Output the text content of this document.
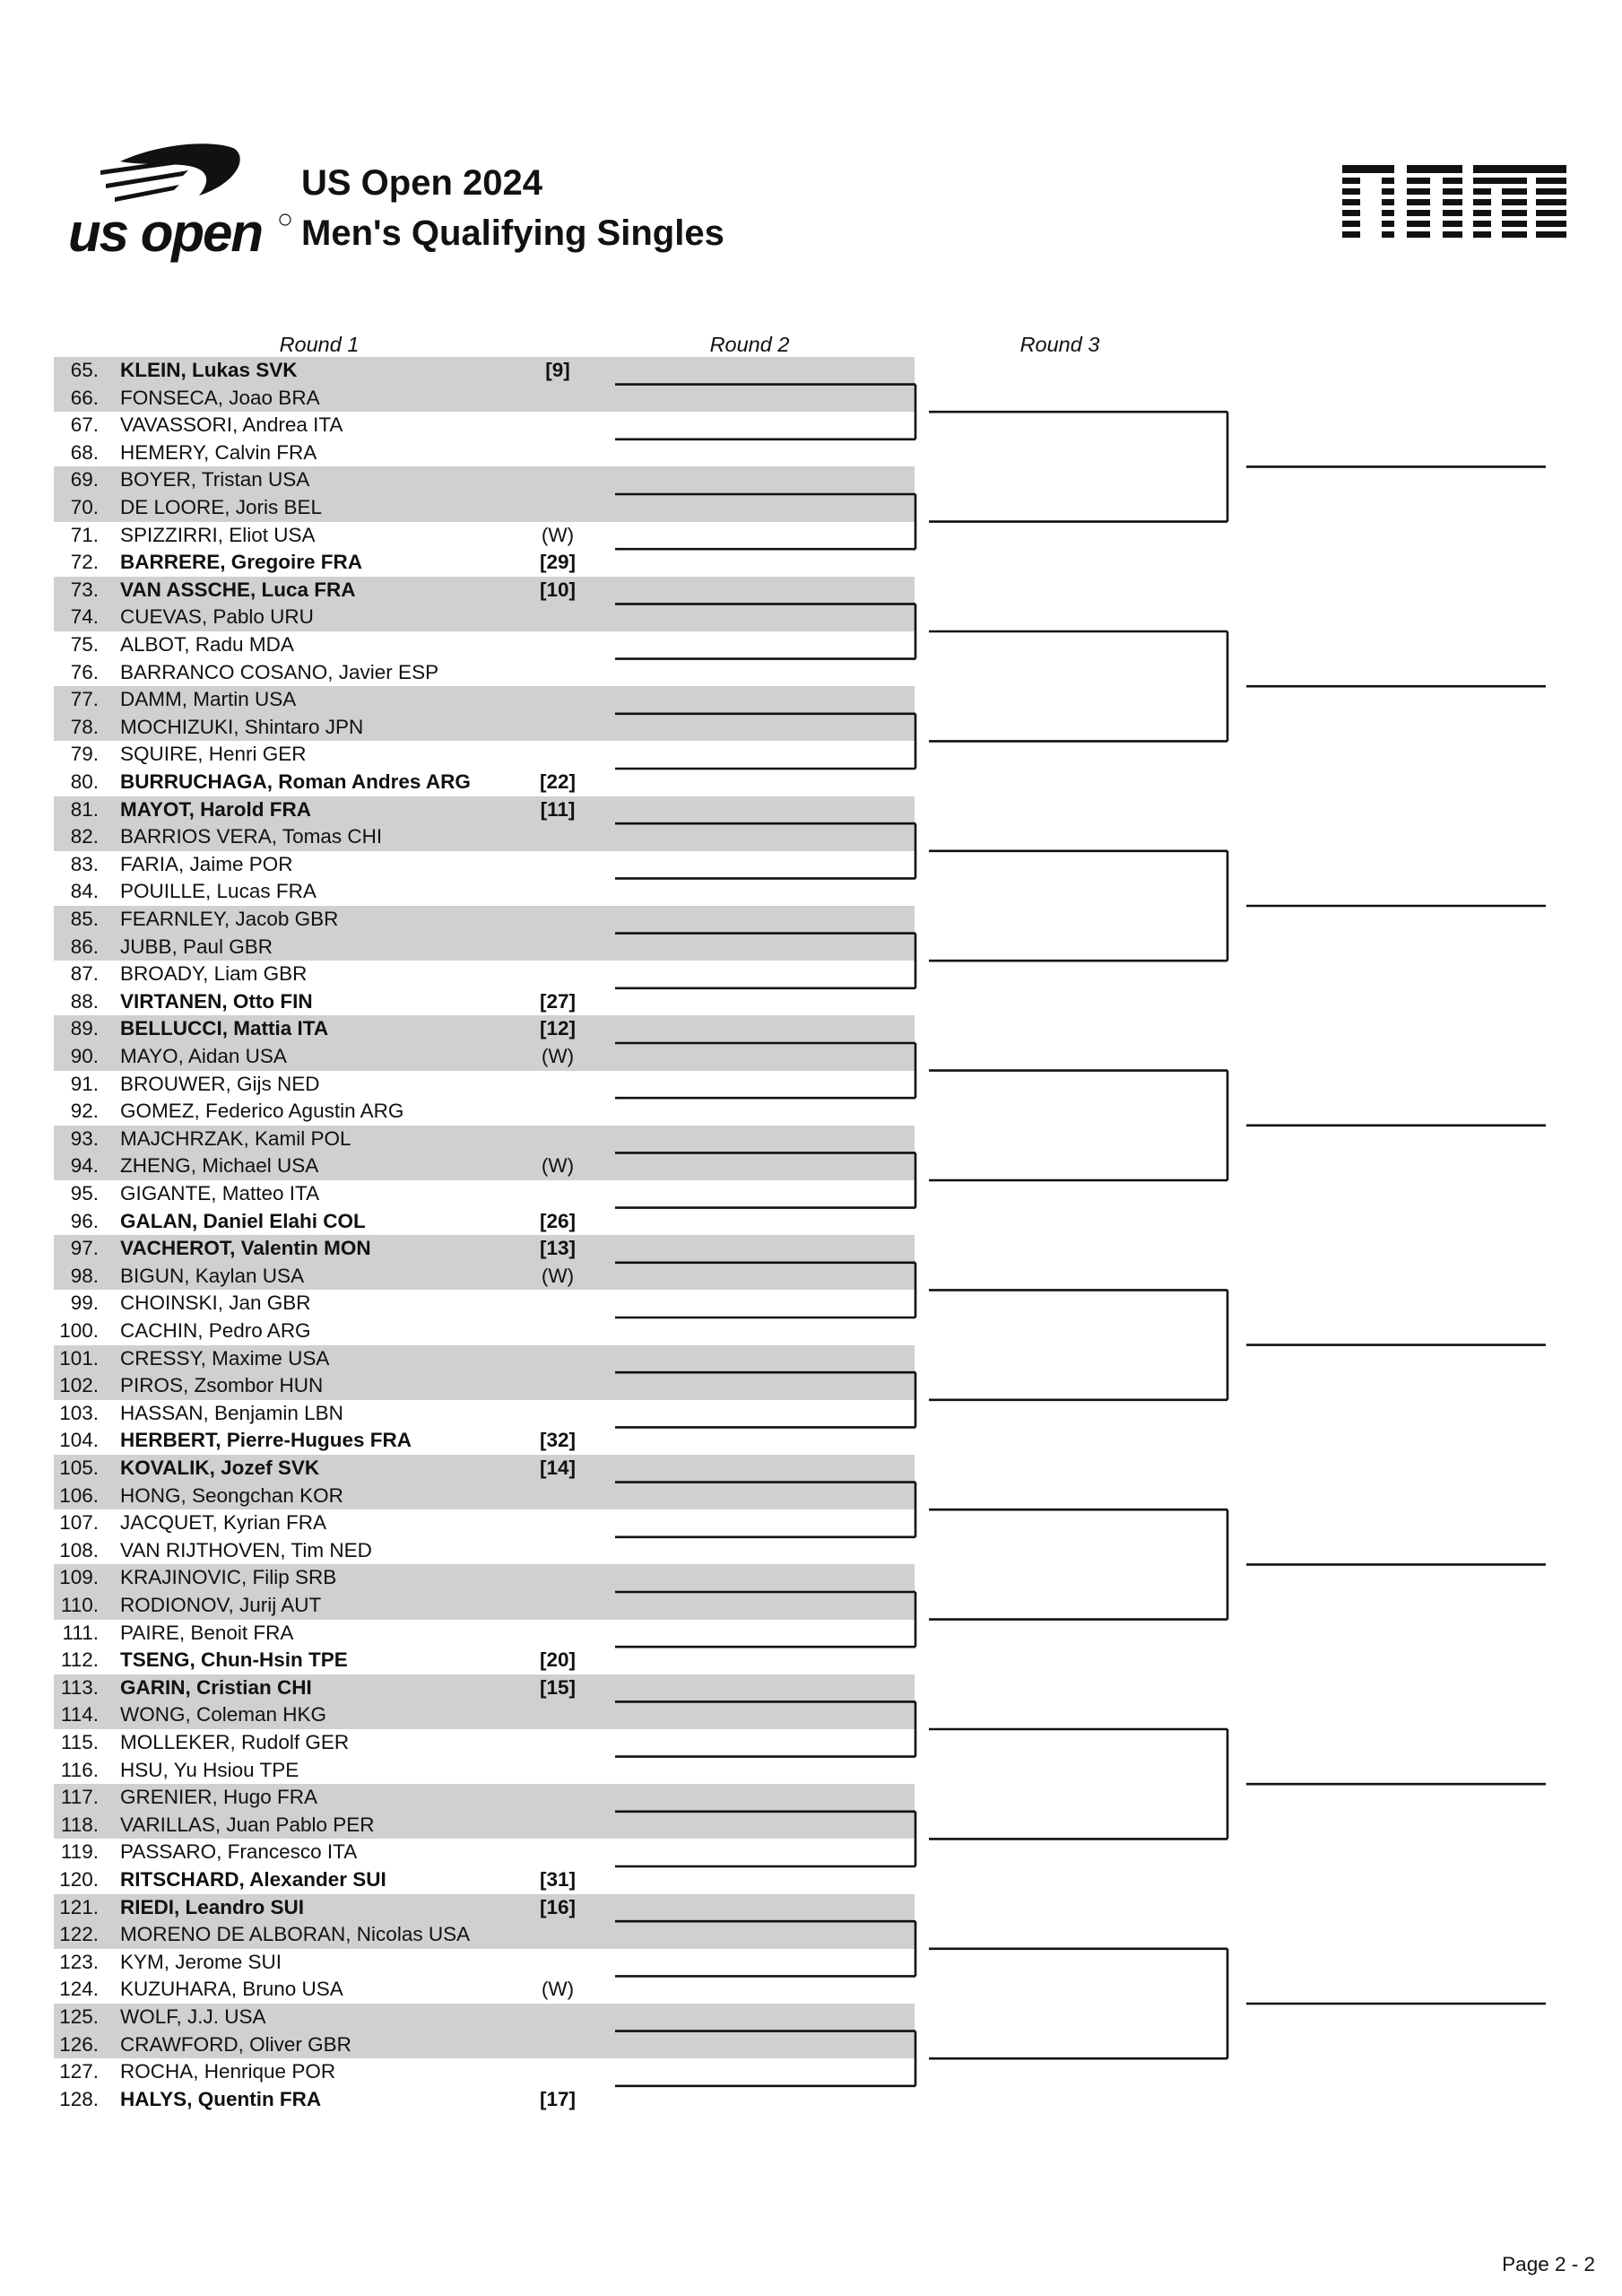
us open
US Open 2024
Men's Qualifying Singles
Round 1	Round 2	Round 3
65. KLEIN, Lukas SVK	[9]
66. FONSECA, Joao BRA
67. VAVASSORI, Andrea ITA
68. HEMERY, Calvin FRA
69. BOYER, Tristan USA
70. DE LOORE, Joris BEL
71. SPIZZIRRI, Eliot USA	(W)
72. BARRERE, Gregoire FRA	[29]
73. VAN ASSCHE, Luca FRA	[10]
74. CUEVAS, Pablo URU
75. ALBOT, Radu MDA
76. BARRANCO COSANO, Javier ESP
77. DAMM, Martin USA
78. MOCHIZUKI, Shintaro JPN
79. SQUIRE, Henri GER
80. BURRUCHAGA, Roman Andres ARG	[22]
81. MAYOT, Harold FRA	[11]
82. BARRIOS VERA, Tomas CHI
83. FARIA, Jaime POR
84. POUILLE, Lucas FRA
85. FEARNLEY, Jacob GBR
86. JUBB, Paul GBR
87. BROADY, Liam GBR
88. VIRTANEN, Otto FIN	[27]
89. BELLUCCI, Mattia ITA	[12]
90. MAYO, Aidan USA	(W)
91. BROUWER, Gijs NED
92. GOMEZ, Federico Agustin ARG
93. MAJCHRZAK, Kamil POL
94. ZHENG, Michael USA	(W)
95. GIGANTE, Matteo ITA
96. GALAN, Daniel Elahi COL	[26]
97. VACHEROT, Valentin MON	[13]
98. BIGUN, Kaylan USA	(W)
99. CHOINSKI, Jan GBR
100. CACHIN, Pedro ARG
101. CRESSY, Maxime USA
102. PIROS, Zsombor HUN
103. HASSAN, Benjamin LBN
104. HERBERT, Pierre-Hugues FRA	[32]
105. KOVALIK, Jozef SVK	[14]
106. HONG, Seongchan KOR
107. JACQUET, Kyrian FRA
108. VAN RIJTHOVEN, Tim NED
109. KRAJINOVIC, Filip SRB
110. RODIONOV, Jurij AUT
111. PAIRE, Benoit FRA
112. TSENG, Chun-Hsin TPE	[20]
113. GARIN, Cristian CHI	[15]
114. WONG, Coleman HKG
115. MOLLEKER, Rudolf GER
116. HSU, Yu Hsiou TPE
117. GRENIER, Hugo FRA
118. VARILLAS, Juan Pablo PER
119. PASSARO, Francesco ITA
120. RITSCHARD, Alexander SUI	[31]
121. RIEDI, Leandro SUI	[16]
122. MORENO DE ALBORAN, Nicolas USA
123. KYM, Jerome SUI
124. KUZUHARA, Bruno USA	(W)
125. WOLF, J.J. USA
126. CRAWFORD, Oliver GBR
127. ROCHA, Henrique POR
128. HALYS, Quentin FRA	[17]
Page 2 - 2
